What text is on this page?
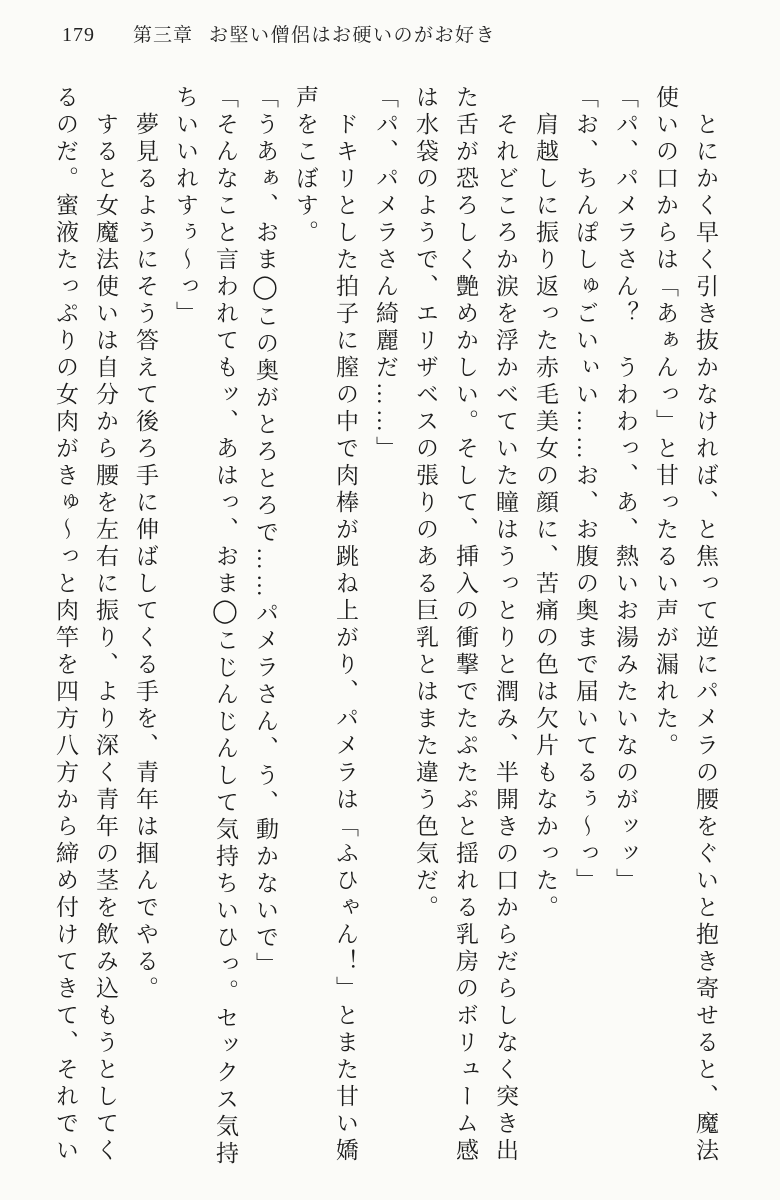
179 第三章 お堅い僧侶はお硬いのがお好き
とにかく早く引き抜かなければ、と焦って逆にパメラの腰をぐいと抱き寄せると、魔法
使いの口からは「あぁんっ」と甘ったるい声が漏れた。
「パ、パメラさん？　うわわっ、あ、熱いお湯みたいなのがッッ」
「お、ちんぽしゅごいぃい……お、お腹の奥まで届いてるぅ～っ」
肩越しに振り返った赤毛美女の顔に、苦痛の色は欠片もなかった。
それどころか涙を浮かべていた瞳はうっとりと潤み、半開きの口からだらしなく突き出
た舌が恐ろしく艶めかしい。そして、挿入の衝撃でたぷたぷと揺れる乳房のボリューム感
は水袋のようで、エリザベスの張りのある巨乳とはまた違う色気だ。
「パ、パメラさん綺麗だ……」
ドキリとした拍子に膣の中で肉棒が跳ね上がり、パメラは「ふひゃん！」とまた甘い嬌
声をこぼす。
「うあぁ、おま◯この奥がとろとろで……パメラさん、う、動かないで」
「そんなこと言われてもッ、あはっ、おま◯こじんじんして気持ちいひっ。セックス気持
ちいいれすぅ～っ」
夢見るようにそう答えて後ろ手に伸ばしてくる手を、青年は掴んでやる。
すると女魔法使いは自分から腰を左右に振り、より深く青年の茎を飲み込もうとしてく
るのだ。蜜液たっぷりの女肉がきゅ～っと肉竿を四方八方から締め付けてきて、それでい
